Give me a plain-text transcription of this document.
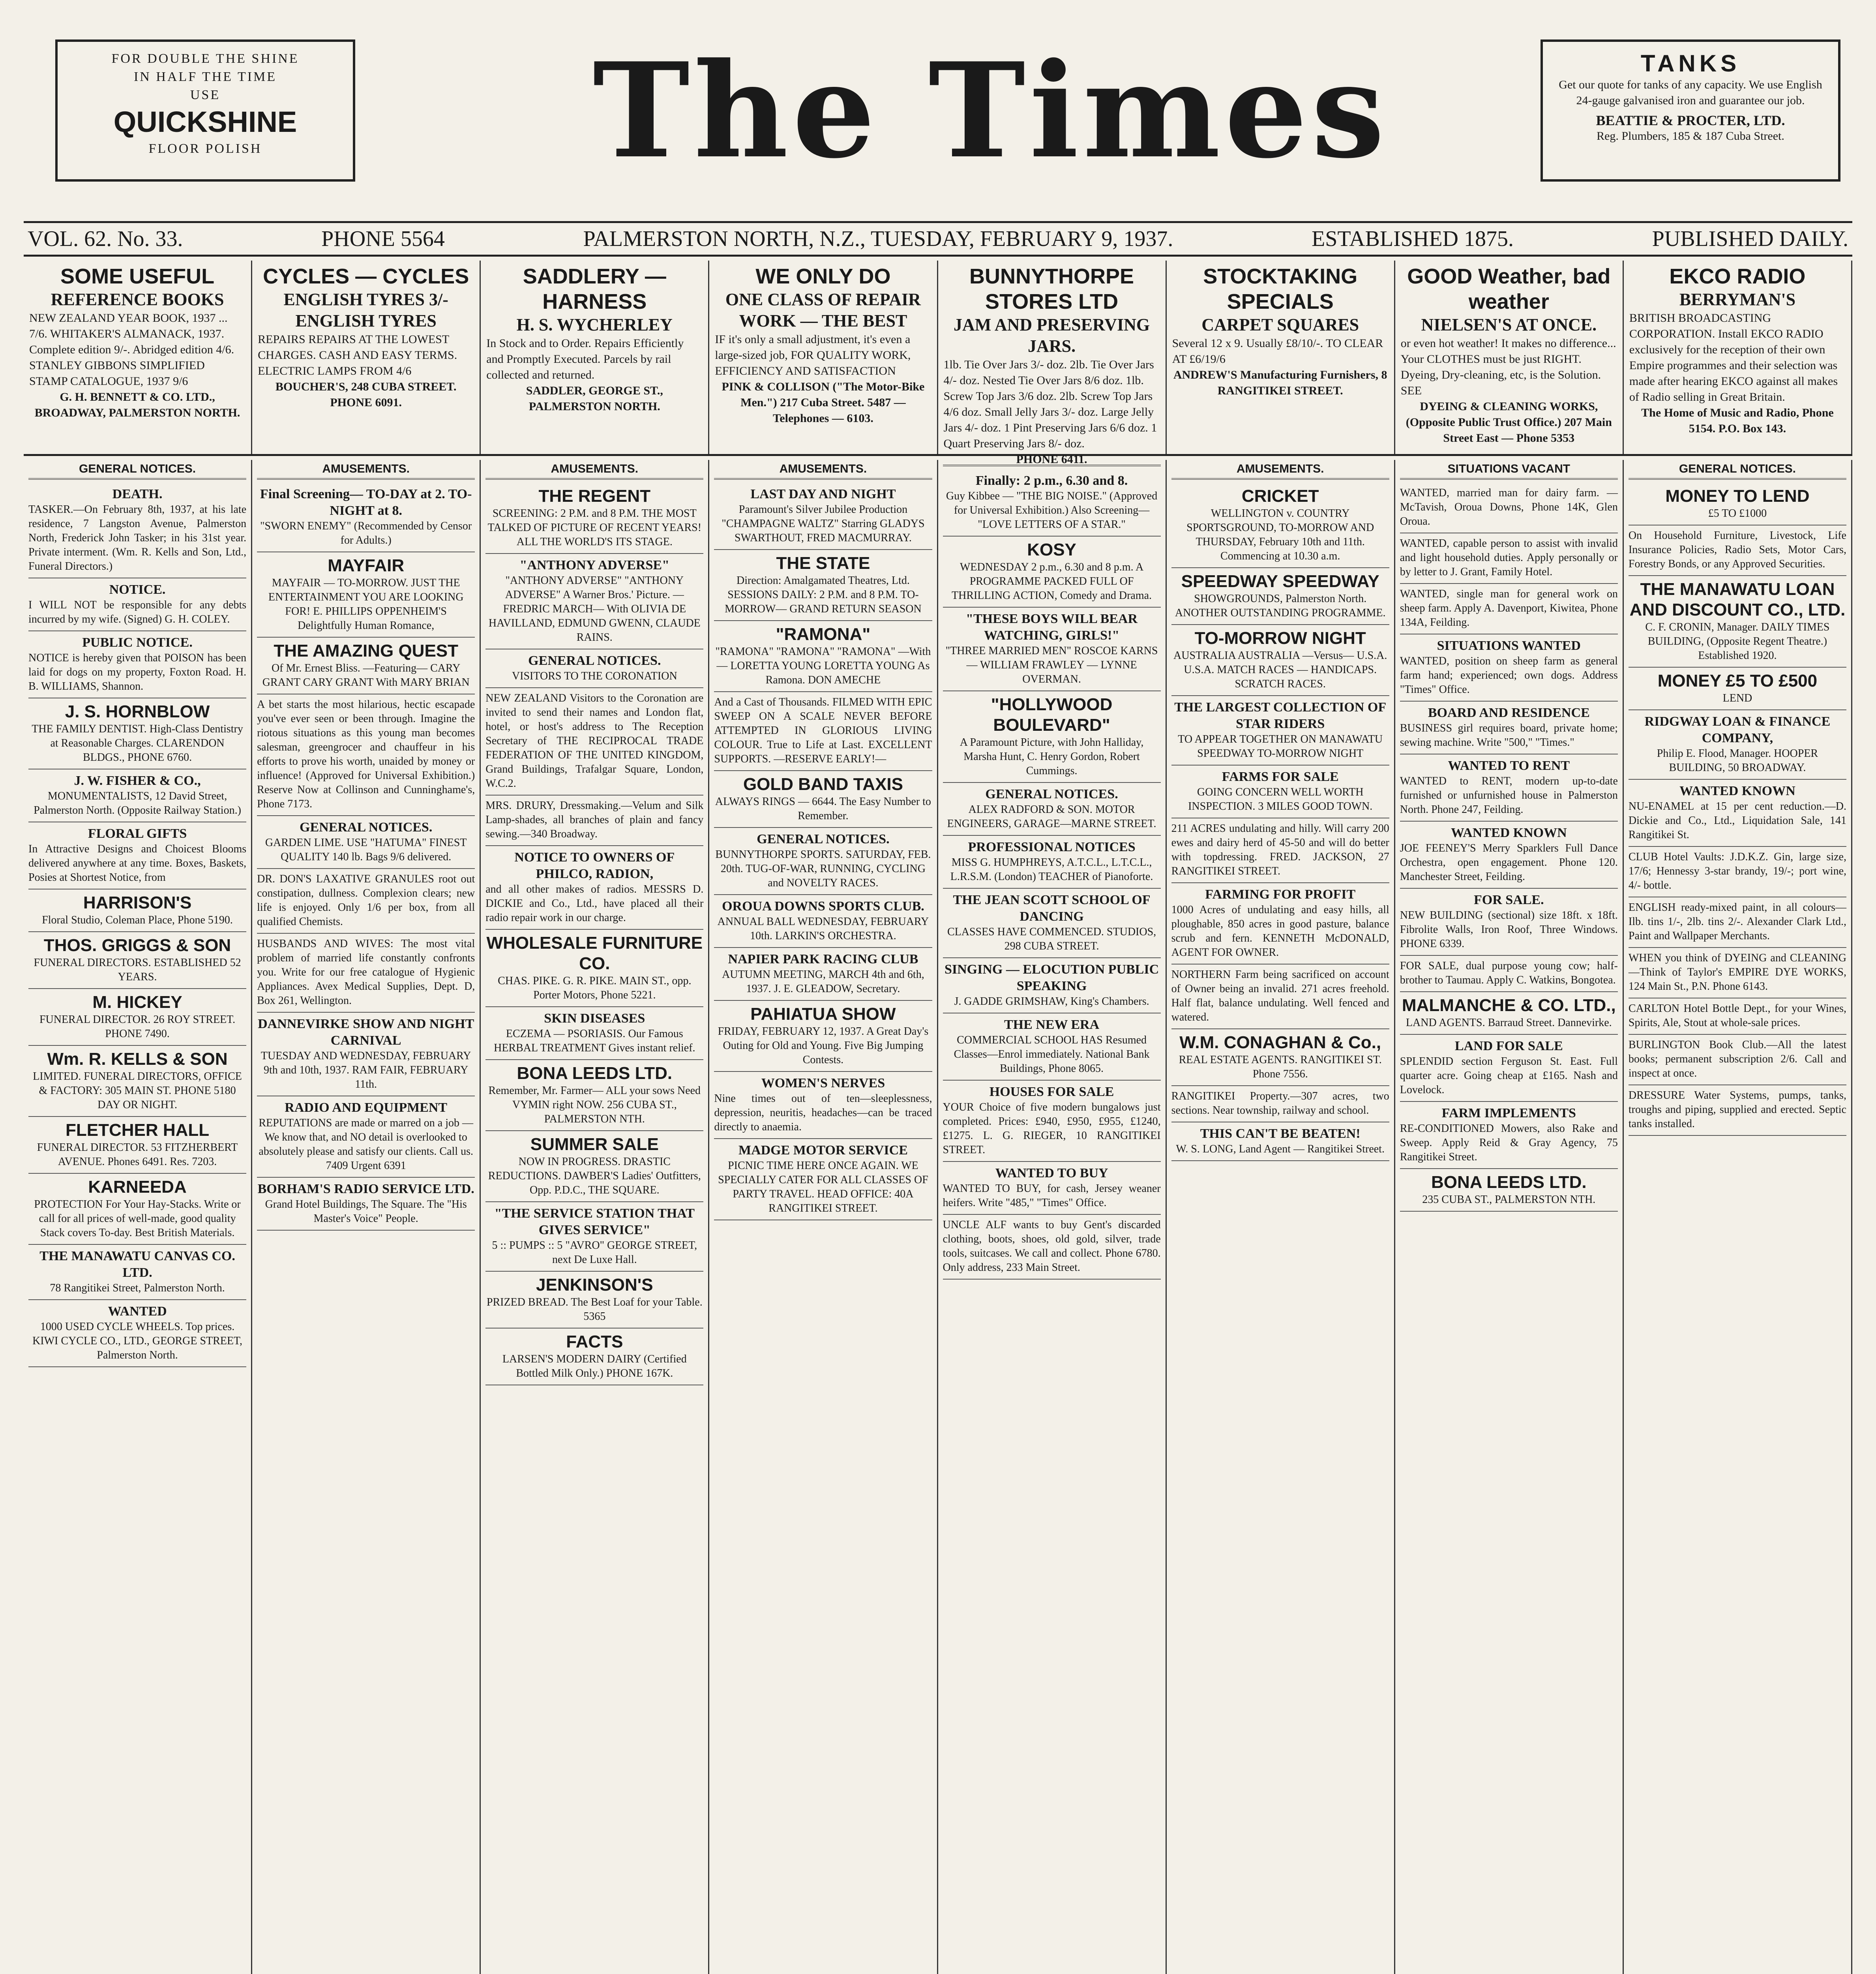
FOR DOUBLE THE SHINE
IN HALF THE TIME
USE
QUICKSHINE
FLOOR POLISH	The Times	TANKS
Get our quote for tanks of any capacity. We use English 24-gauge galvanised iron and guarantee our job.
BEATTIE & PROCTER, LTD.
Reg. Plumbers, 185 & 187 Cuba Street.
VOL. 62. No. 33.	PHONE 5564	PALMERSTON NORTH, N.Z., TUESDAY, FEBRUARY 9, 1937.	ESTABLISHED 1875.	PUBLISHED DAILY.
SOME USEFUL
REFERENCE BOOKS
NEW ZEALAND YEAR BOOK, 1937 ... 7/6. WHITAKER'S ALMANACK, 1937. Complete edition 9/-. Abridged edition 4/6. STANLEY GIBBONS SIMPLIFIED STAMP CATALOGUE, 1937 9/6
G. H. BENNETT & CO. LTD., BROADWAY, PALMERSTON NORTH.
CYCLES — CYCLES
ENGLISH TYRES 3/- ENGLISH TYRES
REPAIRS REPAIRS AT THE LOWEST CHARGES. CASH AND EASY TERMS. ELECTRIC LAMPS FROM 4/6
BOUCHER'S, 248 CUBA STREET. PHONE 6091.
SADDLERY — HARNESS
H. S. WYCHERLEY
In Stock and to Order. Repairs Efficiently and Promptly Executed. Parcels by rail collected and returned.
SADDLER, GEORGE ST., PALMERSTON NORTH.
WE ONLY DO
ONE CLASS OF REPAIR WORK — THE BEST
IF it's only a small adjustment, it's even a large-sized job, FOR QUALITY WORK, EFFICIENCY AND SATISFACTION
PINK & COLLISON ("The Motor-Bike Men.") 217 Cuba Street. 5487 — Telephones — 6103.
BUNNYTHORPE STORES LTD
JAM AND PRESERVING JARS.
1lb. Tie Over Jars 3/- doz. 2lb. Tie Over Jars 4/- doz. Nested Tie Over Jars 8/6 doz. 1lb. Screw Top Jars 3/6 doz. 2lb. Screw Top Jars 4/6 doz. Small Jelly Jars 3/- doz. Large Jelly Jars 4/- doz. 1 Pint Preserving Jars 6/6 doz. 1 Quart Preserving Jars 8/- doz.
PHONE 6411.
STOCKTAKING SPECIALS
CARPET SQUARES
Several 12 x 9. Usually £8/10/-. TO CLEAR AT £6/19/6
ANDREW'S Manufacturing Furnishers, 8 RANGITIKEI STREET.
GOOD Weather, bad weather
NIELSEN'S AT ONCE.
or even hot weather! It makes no difference... Your CLOTHES must be just RIGHT. Dyeing, Dry-cleaning, etc, is the Solution. SEE
DYEING & CLEANING WORKS, (Opposite Public Trust Office.) 207 Main Street East — Phone 5353
EKCO RADIO
BERRYMAN'S
BRITISH BROADCASTING CORPORATION. Install EKCO RADIO exclusively for the reception of their own Empire programmes and their selection was made after hearing EKCO against all makes of Radio selling in Great Britain.
The Home of Music and Radio, Phone 5154. P.O. Box 143.
GENERAL NOTICES.
DEATH.
TASKER.—On February 8th, 1937, at his late residence, 7 Langston Avenue, Palmerston North, Frederick John Tasker; in his 31st year. Private interment. (Wm. R. Kells and Son, Ltd., Funeral Directors.)
NOTICE.
I WILL NOT be responsible for any debts incurred by my wife. (Signed) G. H. COLEY.
PUBLIC NOTICE.
NOTICE is hereby given that POISON has been laid for dogs on my property, Foxton Road. H. B. WILLIAMS, Shannon.
J. S. HORNBLOW
THE FAMILY DENTIST. High-Class Dentistry at Reasonable Charges. CLARENDON BLDGS., PHONE 6760.
J. W. FISHER & CO.,
MONUMENTALISTS, 12 David Street, Palmerston North. (Opposite Railway Station.)
FLORAL GIFTS
In Attractive Designs and Choicest Blooms delivered anywhere at any time. Boxes, Baskets, Posies at Shortest Notice, from
HARRISON'S
Floral Studio, Coleman Place, Phone 5190.
THOS. GRIGGS & SON
FUNERAL DIRECTORS. ESTABLISHED 52 YEARS.
M. HICKEY
FUNERAL DIRECTOR. 26 ROY STREET. PHONE 7490.
Wm. R. KELLS & SON
LIMITED. FUNERAL DIRECTORS, OFFICE & FACTORY: 305 MAIN ST. PHONE 5180 DAY OR NIGHT.
FLETCHER HALL
FUNERAL DIRECTOR. 53 FITZHERBERT AVENUE. Phones 6491. Res. 7203.
KARNEEDA
PROTECTION For Your Hay-Stacks. Write or call for all prices of well-made, good quality Stack covers To-day. Best British Materials.
THE MANAWATU CANVAS CO. LTD.
78 Rangitikei Street, Palmerston North.
WANTED
1000 USED CYCLE WHEELS. Top prices. KIWI CYCLE CO., LTD., GEORGE STREET, Palmerston North.
AMUSEMENTS.
Final Screening— TO-DAY at 2. TO-NIGHT at 8.
"SWORN ENEMY" (Recommended by Censor for Adults.)
MAYFAIR
MAYFAIR — TO-MORROW. JUST THE ENTERTAINMENT YOU ARE LOOKING FOR! E. PHILLIPS OPPENHEIM'S Delightfully Human Romance,
THE AMAZING QUEST
Of Mr. Ernest Bliss. —Featuring— CARY GRANT CARY GRANT With MARY BRIAN
A bet starts the most hilarious, hectic escapade you've ever seen or been through. Imagine the riotous situations as this young man becomes salesman, greengrocer and chauffeur in his efforts to prove his worth, unaided by money or influence! (Approved for Universal Exhibition.) Reserve Now at Collinson and Cunninghame's, Phone 7173.
GENERAL NOTICES.
GARDEN LIME. USE "HATUMA" FINEST QUALITY 140 lb. Bags 9/6 delivered.
DR. DON'S LAXATIVE GRANULES root out constipation, dullness. Complexion clears; new life is enjoyed. Only 1/6 per box, from all qualified Chemists.
HUSBANDS AND WIVES: The most vital problem of married life constantly confronts you. Write for our free catalogue of Hygienic Appliances. Avex Medical Supplies, Dept. D, Box 261, Wellington.
DANNEVIRKE SHOW AND NIGHT CARNIVAL
TUESDAY AND WEDNESDAY, FEBRUARY 9th and 10th, 1937. RAM FAIR, FEBRUARY 11th.
RADIO AND EQUIPMENT
REPUTATIONS are made or marred on a job — We know that, and NO detail is overlooked to absolutely please and satisfy our clients. Call us. 7409 Urgent 6391
BORHAM'S RADIO SERVICE LTD.
Grand Hotel Buildings, The Square. The "His Master's Voice" People.
AMUSEMENTS.
THE REGENT
SCREENING: 2 P.M. and 8 P.M. THE MOST TALKED OF PICTURE OF RECENT YEARS! ALL THE WORLD'S ITS STAGE.
"ANTHONY ADVERSE"
"ANTHONY ADVERSE" "ANTHONY ADVERSE" A Warner Bros.' Picture. —FREDRIC MARCH— With OLIVIA DE HAVILLAND, EDMUND GWENN, CLAUDE RAINS.
GENERAL NOTICES.
VISITORS TO THE CORONATION
NEW ZEALAND Visitors to the Coronation are invited to send their names and London flat, hotel, or host's address to The Reception Secretary of THE RECIPROCAL TRADE FEDERATION OF THE UNITED KINGDOM, Grand Buildings, Trafalgar Square, London, W.C.2.
MRS. DRURY, Dressmaking.—Velum and Silk Lamp-shades, all branches of plain and fancy sewing.—340 Broadway.
NOTICE TO OWNERS OF PHILCO, RADION,
and all other makes of radios. MESSRS D. DICKIE and Co., Ltd., have placed all their radio repair work in our charge.
WHOLESALE FURNITURE CO.
CHAS. PIKE. G. R. PIKE. MAIN ST., opp. Porter Motors, Phone 5221.
SKIN DISEASES
ECZEMA — PSORIASIS. Our Famous HERBAL TREATMENT Gives instant relief.
BONA LEEDS LTD.
Remember, Mr. Farmer— ALL your sows Need VYMIN right NOW. 256 CUBA ST., PALMERSTON NTH.
SUMMER SALE
NOW IN PROGRESS. DRASTIC REDUCTIONS. DAWBER'S Ladies' Outfitters, Opp. P.D.C., THE SQUARE.
"THE SERVICE STATION THAT GIVES SERVICE"
5 :: PUMPS :: 5 "AVRO" GEORGE STREET, next De Luxe Hall.
JENKINSON'S
PRIZED BREAD. The Best Loaf for your Table. 5365
FACTS
LARSEN'S MODERN DAIRY (Certified Bottled Milk Only.) PHONE 167K.
AMUSEMENTS.
LAST DAY AND NIGHT
Paramount's Silver Jubilee Production "CHAMPAGNE WALTZ" Starring GLADYS SWARTHOUT, FRED MACMURRAY.
THE STATE
Direction: Amalgamated Theatres, Ltd. SESSIONS DAILY: 2 P.M. and 8 P.M. TO-MORROW— GRAND RETURN SEASON
"RAMONA"
"RAMONA" "RAMONA" "RAMONA" —With— LORETTA YOUNG LORETTA YOUNG As Ramona. DON AMECHE
And a Cast of Thousands. FILMED WITH EPIC SWEEP ON A SCALE NEVER BEFORE ATTEMPTED IN GLORIOUS LIVING COLOUR. True to Life at Last. EXCELLENT SUPPORTS. —RESERVE EARLY!—
GOLD BAND TAXIS
ALWAYS RINGS — 6644. The Easy Number to Remember.
GENERAL NOTICES.
BUNNYTHORPE SPORTS. SATURDAY, FEB. 20th. TUG-OF-WAR, RUNNING, CYCLING and NOVELTY RACES.
OROUA DOWNS SPORTS CLUB.
ANNUAL BALL WEDNESDAY, FEBRUARY 10th. LARKIN'S ORCHESTRA.
NAPIER PARK RACING CLUB
AUTUMN MEETING, MARCH 4th and 6th, 1937. J. E. GLEADOW, Secretary.
PAHIATUA SHOW
FRIDAY, FEBRUARY 12, 1937. A Great Day's Outing for Old and Young. Five Big Jumping Contests.
WOMEN'S NERVES
Nine times out of ten—sleeplessness, depression, neuritis, headaches—can be traced directly to anaemia.
MADGE MOTOR SERVICE
PICNIC TIME HERE ONCE AGAIN. WE SPECIALLY CATER FOR ALL CLASSES OF PARTY TRAVEL. HEAD OFFICE: 40A RANGITIKEI STREET.
Finally: 2 p.m., 6.30 and 8.
Guy Kibbee — "THE BIG NOISE." (Approved for Universal Exhibition.) Also Screening— "LOVE LETTERS OF A STAR."
KOSY
WEDNESDAY 2 p.m., 6.30 and 8 p.m. A PROGRAMME PACKED FULL OF THRILLING ACTION, Comedy and Drama.
"THESE BOYS WILL BEAR WATCHING, GIRLS!"
"THREE MARRIED MEN" ROSCOE KARNS — WILLIAM FRAWLEY — LYNNE OVERMAN.
"HOLLYWOOD BOULEVARD"
A Paramount Picture, with John Halliday, Marsha Hunt, C. Henry Gordon, Robert Cummings.
GENERAL NOTICES.
ALEX RADFORD & SON. MOTOR ENGINEERS, GARAGE—MARNE STREET.
PROFESSIONAL NOTICES
MISS G. HUMPHREYS, A.T.C.L., L.T.C.L., L.R.S.M. (London) TEACHER of Pianoforte.
THE JEAN SCOTT SCHOOL OF DANCING
CLASSES HAVE COMMENCED. STUDIOS, 298 CUBA STREET.
SINGING — ELOCUTION PUBLIC SPEAKING
J. GADDE GRIMSHAW, King's Chambers.
THE NEW ERA
COMMERCIAL SCHOOL HAS Resumed Classes—Enrol immediately. National Bank Buildings, Phone 8065.
HOUSES FOR SALE
YOUR Choice of five modern bungalows just completed. Prices: £940, £950, £955, £1240, £1275. L. G. RIEGER, 10 RANGITIKEI STREET.
WANTED TO BUY
WANTED TO BUY, for cash, Jersey weaner heifers. Write "485," "Times" Office.
UNCLE ALF wants to buy Gent's discarded clothing, boots, shoes, old gold, silver, trade tools, suitcases. We call and collect. Phone 6780. Only address, 233 Main Street.
AMUSEMENTS.
CRICKET
WELLINGTON v. COUNTRY SPORTSGROUND, TO-MORROW AND THURSDAY, February 10th and 11th. Commencing at 10.30 a.m.
SPEEDWAY SPEEDWAY
SHOWGROUNDS, Palmerston North. ANOTHER OUTSTANDING PROGRAMME.
TO-MORROW NIGHT
AUSTRALIA AUSTRALIA —Versus— U.S.A. U.S.A. MATCH RACES — HANDICAPS. SCRATCH RACES.
THE LARGEST COLLECTION OF STAR RIDERS
TO APPEAR TOGETHER ON MANAWATU SPEEDWAY TO-MORROW NIGHT
FARMS FOR SALE
GOING CONCERN WELL WORTH INSPECTION. 3 MILES GOOD TOWN.
211 ACRES undulating and hilly. Will carry 200 ewes and dairy herd of 45-50 and will do better with topdressing. FRED. JACKSON, 27 RANGITIKEI STREET.
FARMING FOR PROFIT
1000 Acres of undulating and easy hills, all ploughable, 850 acres in good pasture, balance scrub and fern. KENNETH McDONALD, AGENT FOR OWNER.
NORTHERN Farm being sacrificed on account of Owner being an invalid. 271 acres freehold. Half flat, balance undulating. Well fenced and watered.
W.M. CONAGHAN & Co.,
REAL ESTATE AGENTS. RANGITIKEI ST. Phone 7556.
RANGITIKEI Property.—307 acres, two sections. Near township, railway and school.
THIS CAN'T BE BEATEN!
W. S. LONG, Land Agent — Rangitikei Street.
SITUATIONS VACANT
WANTED, married man for dairy farm. — McTavish, Oroua Downs, Phone 14K, Glen Oroua.
WANTED, capable person to assist with invalid and light household duties. Apply personally or by letter to J. Grant, Family Hotel.
WANTED, single man for general work on sheep farm. Apply A. Davenport, Kiwitea, Phone 134A, Feilding.
SITUATIONS WANTED
WANTED, position on sheep farm as general farm hand; experienced; own dogs. Address "Times" Office.
BOARD AND RESIDENCE
BUSINESS girl requires board, private home; sewing machine. Write "500," "Times."
WANTED TO RENT
WANTED to RENT, modern up-to-date furnished or unfurnished house in Palmerston North. Phone 247, Feilding.
WANTED KNOWN
JOE FEENEY'S Merry Sparklers Full Dance Orchestra, open engagement. Phone 120. Manchester Street, Feilding.
FOR SALE.
NEW BUILDING (sectional) size 18ft. x 18ft. Fibrolite Walls, Iron Roof, Three Windows. PHONE 6339.
FOR SALE, dual purpose young cow; half-brother to Taumau. Apply C. Watkins, Bongotea.
MALMANCHE & CO. LTD.,
LAND AGENTS. Barraud Street. Dannevirke.
LAND FOR SALE
SPLENDID section Ferguson St. East. Full quarter acre. Going cheap at £165. Nash and Lovelock.
FARM IMPLEMENTS
RE-CONDITIONED Mowers, also Rake and Sweep. Apply Reid & Gray Agency, 75 Rangitikei Street.
BONA LEEDS LTD.
235 CUBA ST., PALMERSTON NTH.
GENERAL NOTICES.
MONEY TO LEND
£5 TO £1000
On Household Furniture, Livestock, Life Insurance Policies, Radio Sets, Motor Cars, Forestry Bonds, or any Approved Securities.
THE MANAWATU LOAN AND DISCOUNT CO., LTD.
C. F. CRONIN, Manager. DAILY TIMES BUILDING, (Opposite Regent Theatre.) Established 1920.
MONEY £5 TO £500
LEND
RIDGWAY LOAN & FINANCE COMPANY,
Philip E. Flood, Manager. HOOPER BUILDING, 50 BROADWAY.
WANTED KNOWN
NU-ENAMEL at 15 per cent reduction.—D. Dickie and Co., Ltd., Liquidation Sale, 141 Rangitikei St.
CLUB Hotel Vaults: J.D.K.Z. Gin, large size, 17/6; Hennessy 3-star brandy, 19/-; port wine, 4/- bottle.
ENGLISH ready-mixed paint, in all colours—Ilb. tins 1/-, 2lb. tins 2/-. Alexander Clark Ltd., Paint and Wallpaper Merchants.
WHEN you think of DYEING and CLEANING—Think of Taylor's EMPIRE DYE WORKS, 124 Main St., P.N. Phone 6143.
CARLTON Hotel Bottle Dept., for your Wines, Spirits, Ale, Stout at whole-sale prices.
BURLINGTON Book Club.—All the latest books; permanent subscription 2/6. Call and inspect at once.
DRESSURE Water Systems, pumps, tanks, troughs and piping, supplied and erected. Septic tanks installed.
